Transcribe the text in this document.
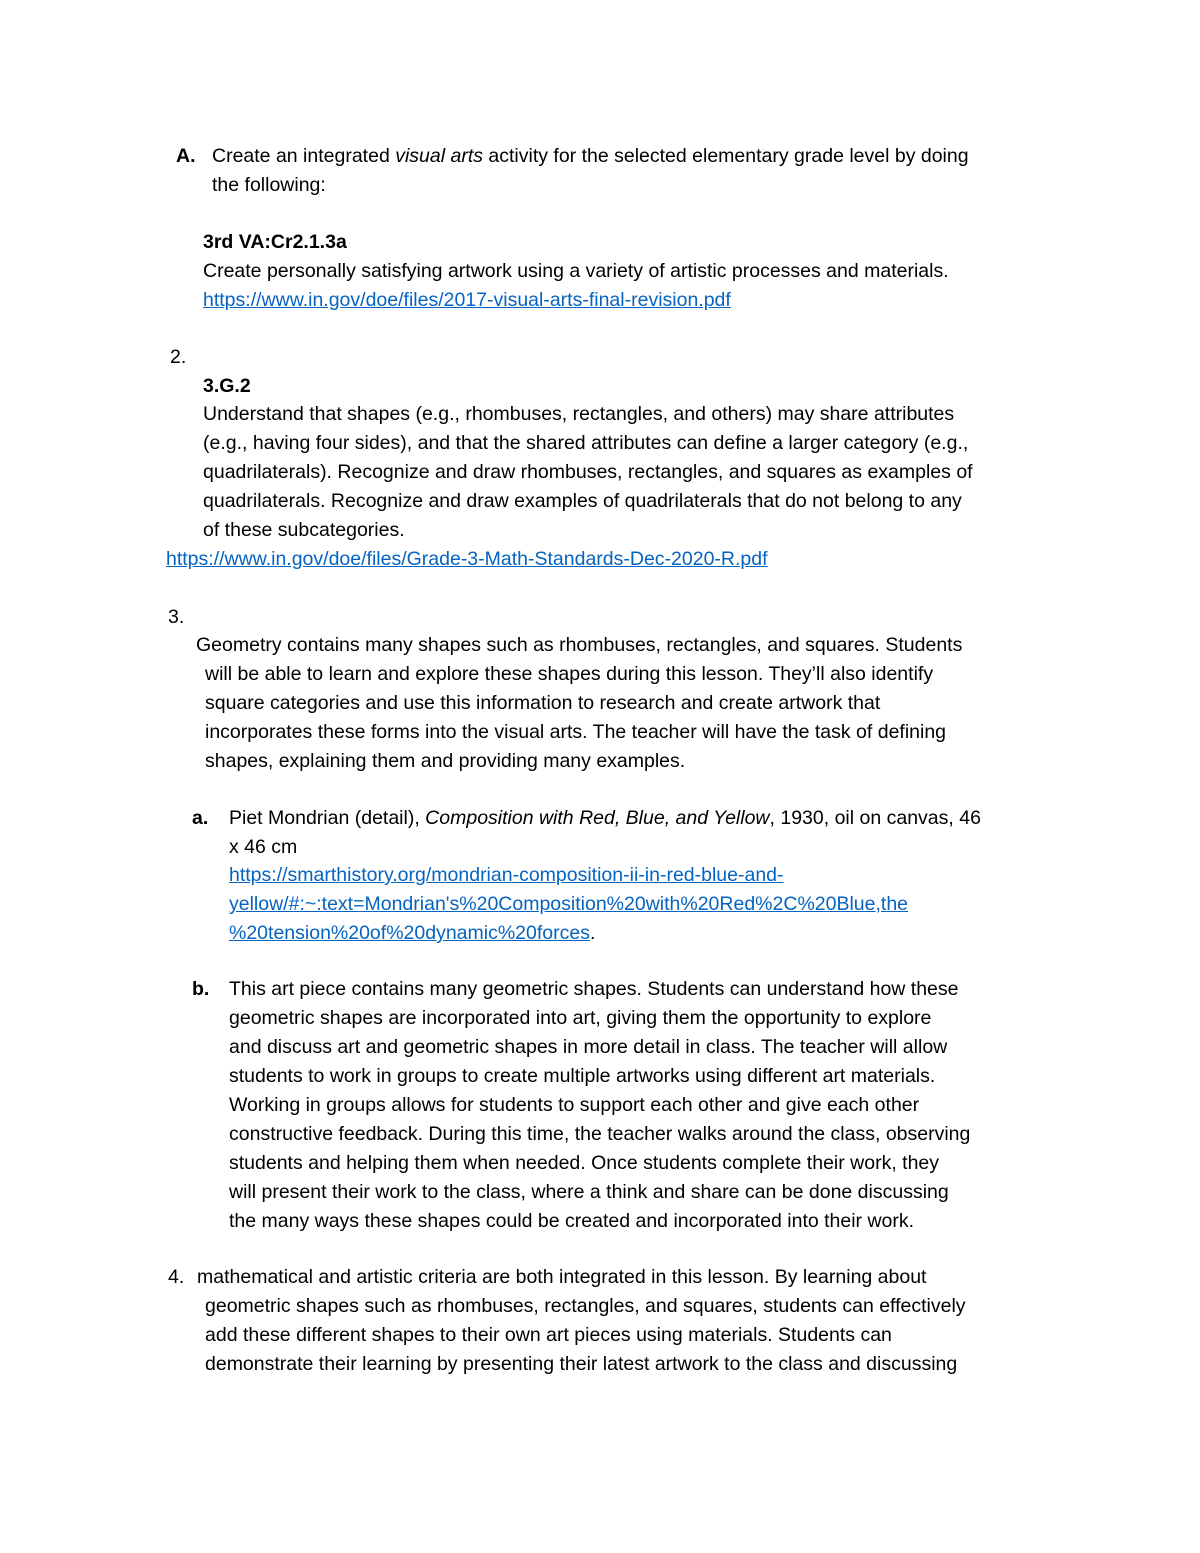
A. Create an integrated visual arts activity for the selected elementary grade level by doing
the following:
3rd VA:Cr2.1.3a
Create personally satisfying artwork using a variety of artistic processes and materials.
https://www.in.gov/doe/files/2017-visual-arts-final-revision.pdf
2.
3.G.2
Understand that shapes (e.g., rhombuses, rectangles, and others) may share attributes
(e.g., having four sides), and that the shared attributes can define a larger category (e.g.,
quadrilaterals). Recognize and draw rhombuses, rectangles, and squares as examples of
quadrilaterals. Recognize and draw examples of quadrilaterals that do not belong to any
of these subcategories.
https://www.in.gov/doe/files/Grade-3-Math-Standards-Dec-2020-R.pdf
3.
Geometry contains many shapes such as rhombuses, rectangles, and squares. Students
will be able to learn and explore these shapes during this lesson. They’ll also identify
square categories and use this information to research and create artwork that
incorporates these forms into the visual arts. The teacher will have the task of defining
shapes, explaining them and providing many examples.
a. Piet Mondrian (detail), Composition with Red, Blue, and Yellow, 1930, oil on canvas, 46
x 46 cm
https://smarthistory.org/mondrian-composition-ii-in-red-blue-and-
yellow/#:~:text=Mondrian's%20Composition%20with%20Red%2C%20Blue,the
%20tension%20of%20dynamic%20forces.
b. This art piece contains many geometric shapes. Students can understand how these
geometric shapes are incorporated into art, giving them the opportunity to explore
and discuss art and geometric shapes in more detail in class. The teacher will allow
students to work in groups to create multiple artworks using different art materials.
Working in groups allows for students to support each other and give each other
constructive feedback. During this time, the teacher walks around the class, observing
students and helping them when needed. Once students complete their work, they
will present their work to the class, where a think and share can be done discussing
the many ways these shapes could be created and incorporated into their work.
4. mathematical and artistic criteria are both integrated in this lesson. By learning about
geometric shapes such as rhombuses, rectangles, and squares, students can effectively
add these different shapes to their own art pieces using materials. Students can
demonstrate their learning by presenting their latest artwork to the class and discussing
